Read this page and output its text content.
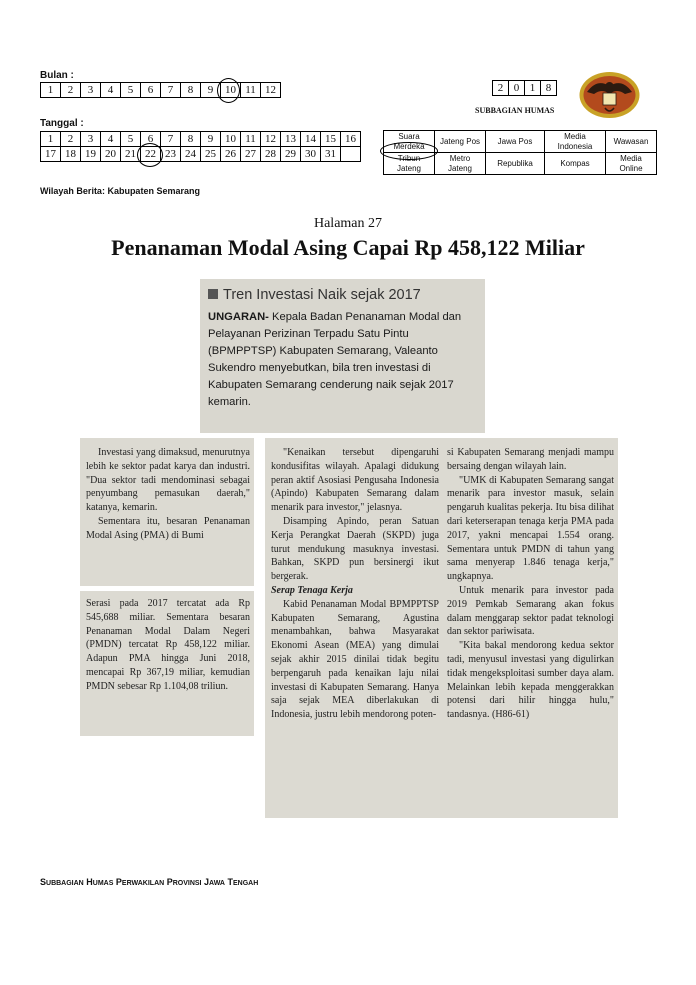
Bulan :
1	2	3	4	5	6	7	8	9	10	11	12
Tanggal :
1	2	3	4	5	6	7	8	9	10	11	12	13	14	15	16
17	18	19	20	21	22	23	24	25	26	27	28	29	30	31	
2	0	1	8
SUBBAGIAN HUMAS
Suara Merdeka	Jateng Pos	Jawa Pos	Media Indonesia	Wawasan
Tribun Jateng	Metro Jateng	Republika	Kompas	Media Online
Wilayah Berita: Kabupaten Semarang
Halaman 27
Penanaman Modal Asing Capai Rp 458,122 Miliar
Tren Investasi Naik sejak 2017
UNGARAN- Kepala Badan Penanaman Modal dan Pelayanan Perizinan Terpadu Satu Pintu (BPMPPTSP) Kabupaten Semarang, Valeanto Sukendro menyebutkan, bila tren investasi di Kabupaten Semarang cenderung naik sejak 2017 kemarin.

Investasi yang dimaksud, menurutnya lebih ke sektor padat karya dan industri. "Dua sektor tadi mendominasi sebagai penyumbang pemasukan daerah," katanya, kemarin.

Sementara itu, besaran Penanaman Modal Asing (PMA) di Bumi

Serasi pada 2017 tercatat ada Rp 545,688 miliar. Sementara besaran Penanaman Modal Dalam Negeri (PMDN) tercatat Rp 458,122 miliar. Adapun PMA hingga Juni 2018, mencapai Rp 367,19 miliar, kemudian PMDN sebesar Rp 1.104,08 triliun.

"Kenaikan tersebut dipengaruhi kondusifitas wilayah. Apalagi didukung peran aktif Asosiasi Pengusaha Indonesia (Apindo) Kabupaten Semarang dalam menarik para investor," jelasnya.

Disamping Apindo, peran Satuan Kerja Perangkat Daerah (SKPD) juga turut mendukung masuknya investasi. Bahkan, SKPD pun bersinergi ikut bergerak.

Serap Tenaga Kerja

Kabid Penanaman Modal BPMPPTSP Kabupaten Semarang, Agustina menambahkan, bahwa Masyarakat Ekonomi Asean (MEA) yang dimulai sejak akhir 2015 dinilai tidak begitu berpengaruh pada kenaikan laju nilai investasi di Kabupaten Semarang. Hanya saja sejak MEA diberlakukan di Indonesia, justru lebih mendorong poten-

si Kabupaten Semarang menjadi mampu bersaing dengan wilayah lain.

"UMK di Kabupaten Semarang sangat menarik para investor masuk, selain pengaruh kualitas pekerja. Itu bisa dilihat dari keterserapan tenaga kerja PMA pada 2017, yakni mencapai 1.554 orang. Sementara untuk PMDN di tahun yang sama menyerap 1.846 tenaga kerja," ungkapnya.

Untuk menarik para investor pada 2019 Pemkab Semarang akan fokus dalam menggarap sektor padat teknologi dan sektor pariwisata.

"Kita bakal mendorong kedua sektor tadi, menyusul investasi yang digulirkan tidak mengeksploitasi sumber daya alam. Melainkan lebih kepada menggerakkan potensi dari hilir hingga hulu," tandasnya. (H86-61)

SUBBAGIAN HUMAS PERWAKILAN PROVINSI JAWA TENGAH
